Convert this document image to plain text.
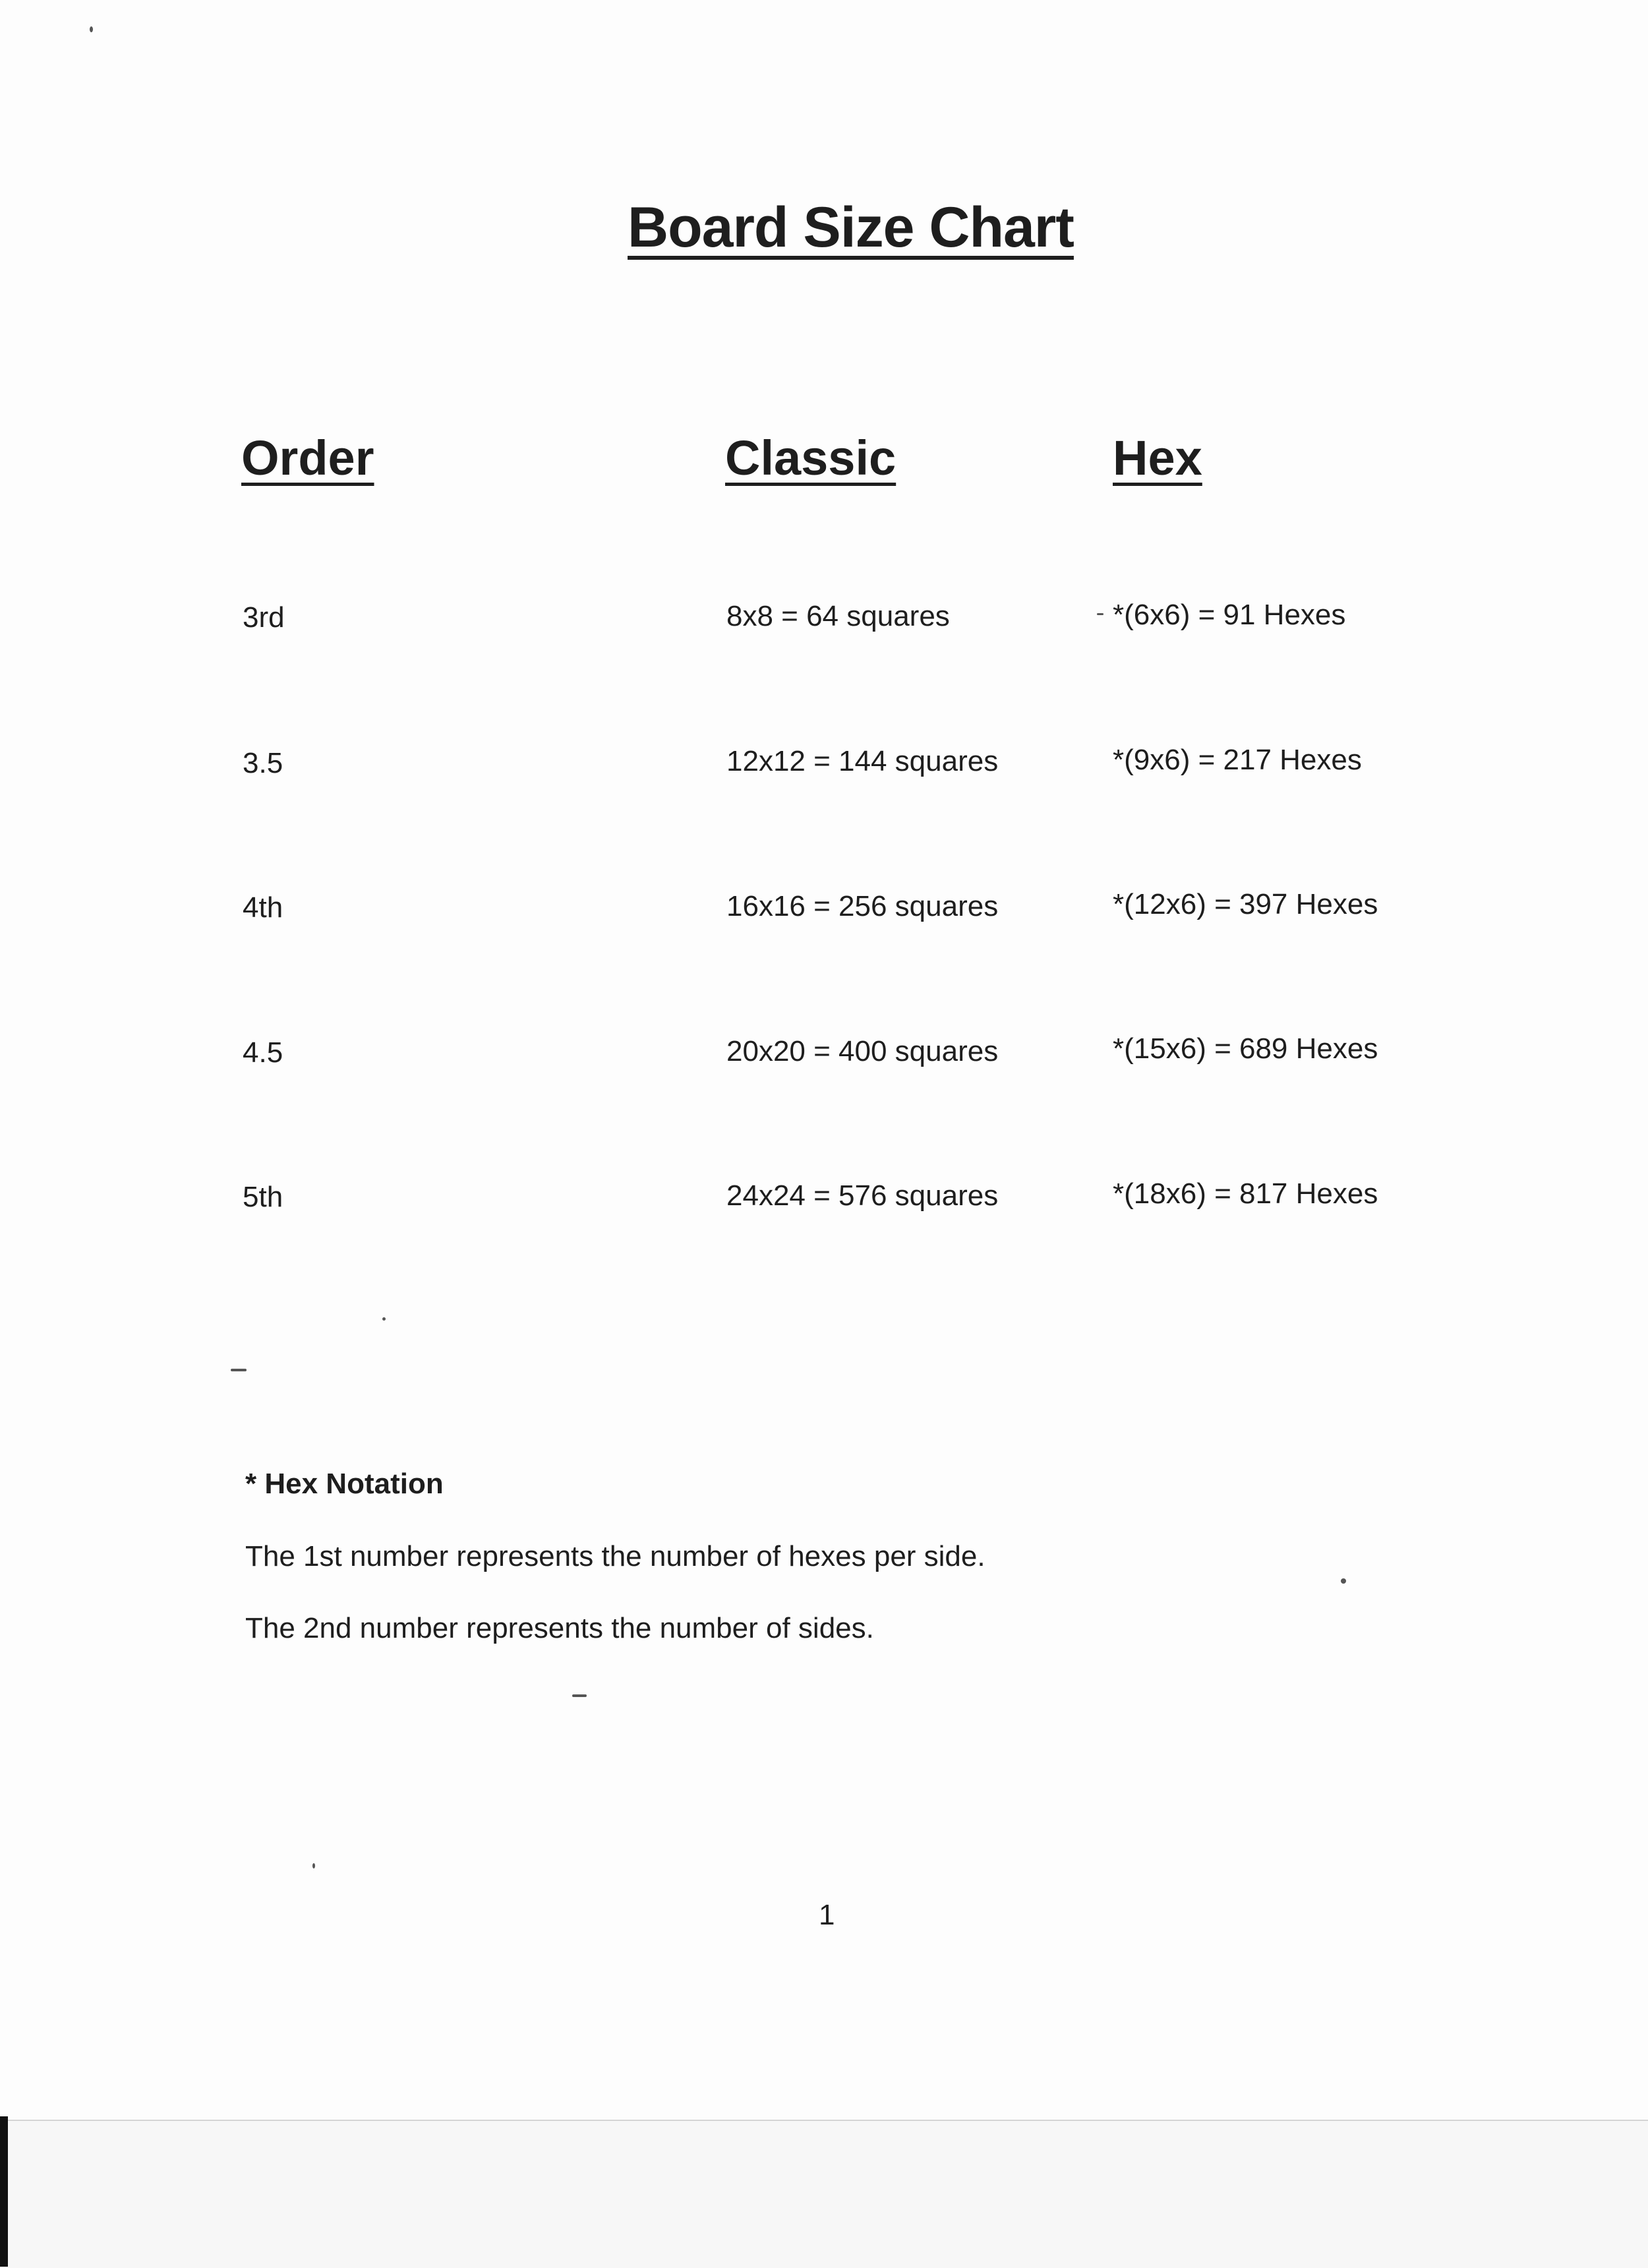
Board Size Chart
Order	Classic	Hex
3rd	8x8 = 64 squares	*(6x6) = 91 Hexes
3.5	12x12 = 144 squares	*(9x6) = 217 Hexes
4th	16x16 = 256 squares	*(12x6) = 397 Hexes
4.5	20x20 = 400 squares	*(15x6) = 689 Hexes
5th	24x24 = 576 squares	*(18x6) = 817 Hexes
* Hex Notation

The 1st number represents the number of hexes per side.

The 2nd number represents the number of sides.

1
